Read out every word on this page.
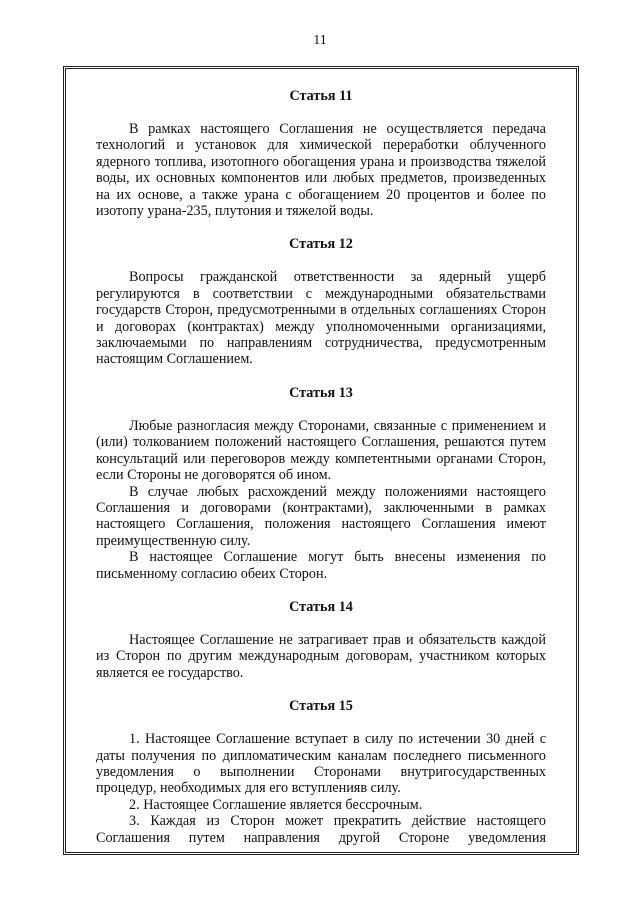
11
Статья 11

В рамках настоящего Соглашения не осуществляется передача технологий и установок для химической переработки облученного ядерного топлива, изотопного обогащения урана и производства тяжелой воды, их основных компонентов или любых предметов, произведенных на их основе, а также урана с обогащением 20 процентов и более по изотопу урана-235, плутония и тяжелой воды.

Статья 12

Вопросы гражданской ответственности за ядерный ущерб регулируются в соответствии с международными обязательствами государств Сторон, предусмотренными в отдельных соглашениях Сторон и договорах (контрактах) между уполномоченными организациями, заключаемыми по направлениям сотрудничества, предусмотренным настоящим Соглашением.

Статья 13

Любые разногласия между Сторонами, связанные с применением и (или) толкованием положений настоящего Соглашения, решаются путем консультаций или переговоров между компетентными органами Сторон, если Стороны не договорятся об ином.

В случае любых расхождений между положениями настоящего Соглашения и договорами (контрактами), заключенными в рамках настоящего Соглашения, положения настоящего Соглашения имеют преимущественную силу.

В настоящее Соглашение могут быть внесены изменения по письменному согласию обеих Сторон.

Статья 14

Настоящее Соглашение не затрагивает прав и обязательств каждой из Сторон по другим международным договорам, участником которых является ее государство.

Статья 15

1. Настоящее Соглашение вступает в силу по истечении 30 дней с даты получения по дипломатическим каналам последнего письменного уведомления о выполнении Сторонами внутригосударственных процедур, необходимых для его вступленияв силу.

2. Настоящее Соглашение является бессрочным.

3. Каждая из Сторон может прекратить действие настоящего Соглашения путем направления другой Стороне уведомления
